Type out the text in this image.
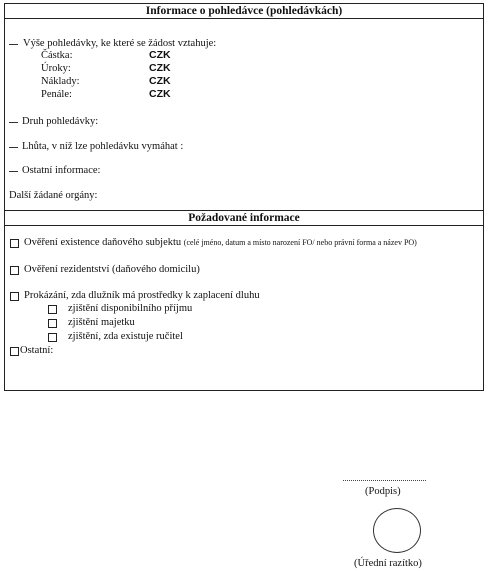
Informace o pohledávce (pohledávkách)
Výše pohledávky, ke které se žádost vztahuje:
Částka:	CZK
Úroky:	CZK
Náklady:	CZK
Penále:	CZK
Druh pohledávky:
Lhůta, v níž lze pohledávku vymáhat :
Ostatní informace:
Další žádané orgány:
Požadované informace
Ověření existence daňového subjektu (celé jméno, datum a místo narození FO/ nebo právní forma a název PO)
Ověření rezidentství (daňového domicilu)
Prokázání, zda dlužník má prostředky k zaplacení dluhu
zjištění disponibilního příjmu
zjištění majetku
zjištění, zda existuje ručitel
Ostatní:
(Podpis)
(Úřední razítko)
